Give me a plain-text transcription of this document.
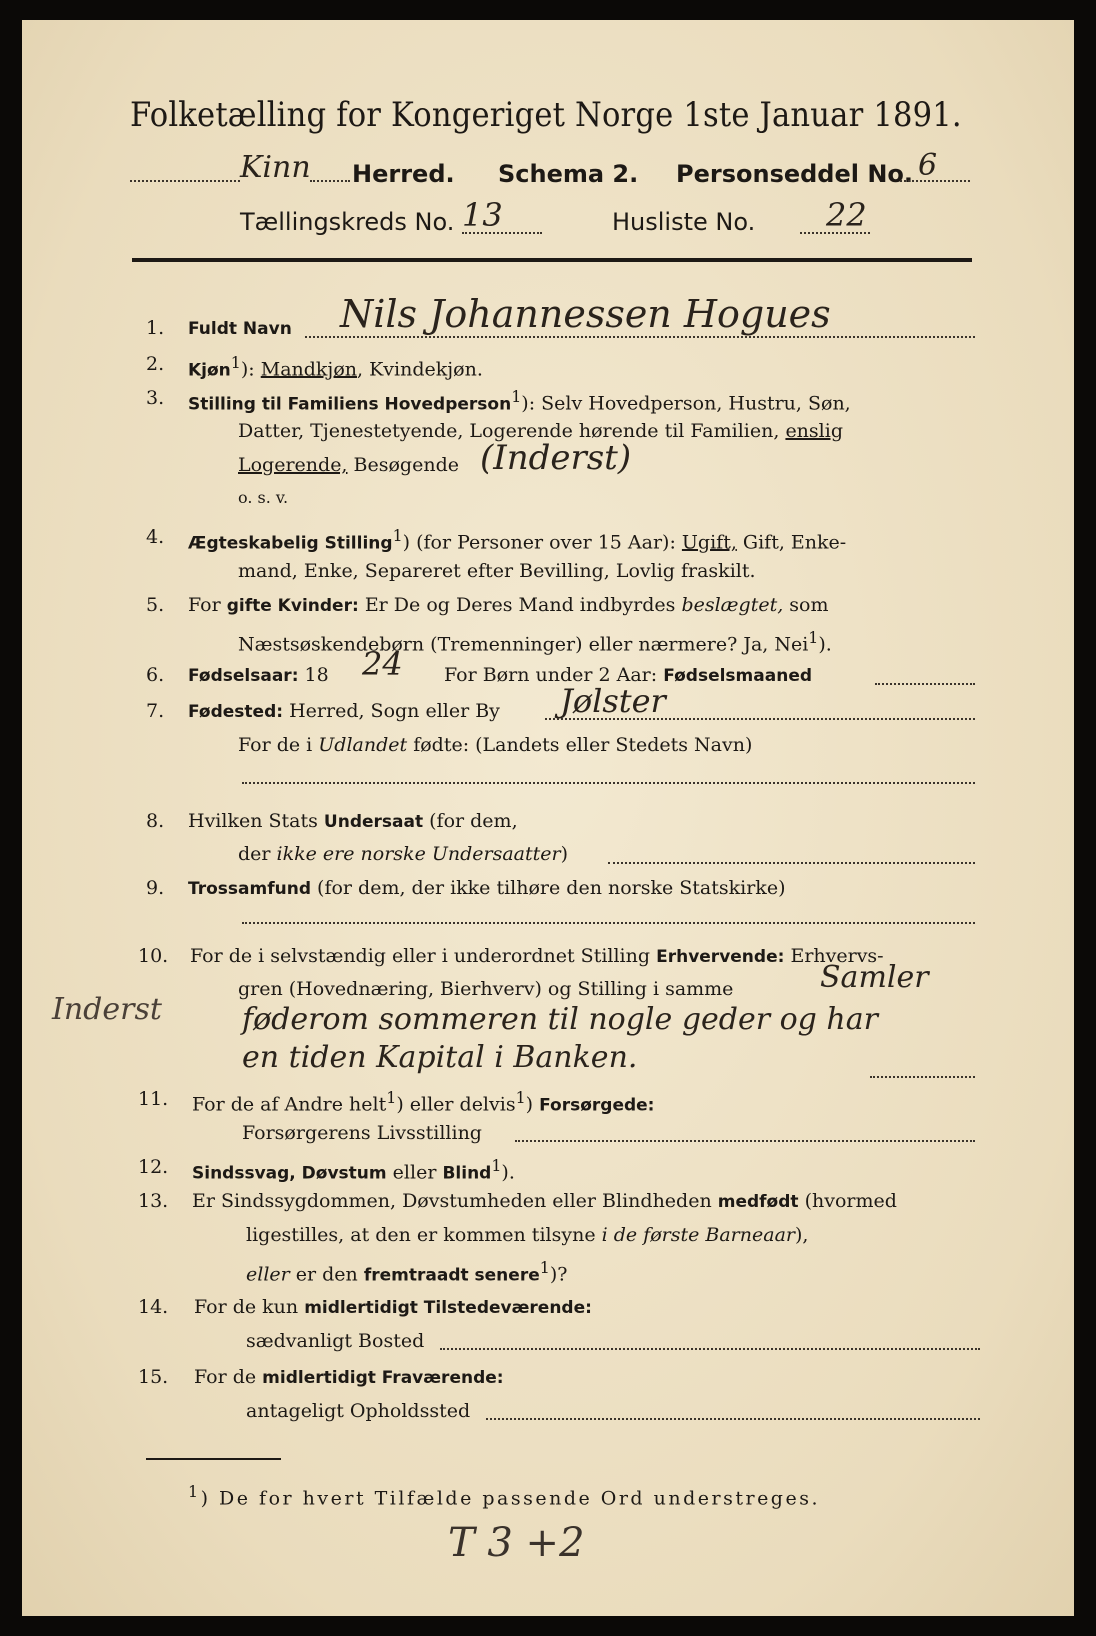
Folketælling for Kongeriget Norge 1ste Januar 1891.
Kinn Herred. Schema 2. Personseddel No. 6
Tællingskreds No. 13	Husliste No. 22
1. Fuldt Navn Nils Johannessen Hogues
2. Kjøn$^1$): Mandkjøn, Kvindekjøn.
3. Stilling til Familiens Hovedperson$^1$): Selv Hovedperson, Hustru, Søn,
Datter, Tjenestetyende, Logerende hørende til Familien, enslig
Logerende, Besøgende (Inderst)
o. s. v.
4. Ægteskabelig Stilling$^1$) (for Personer over 15 Aar): Ugift, Gift, Enke-
mand, Enke, Separeret efter Bevilling, Lovlig fraskilt.
5. For gifte Kvinder: Er De og Deres Mand indbyrdes beslægtet, som
Næstsøskendebørn (Tremenninger) eller nærmere? Ja, Nei$^1$).
6. Fødselsaar: 18 24 For Børn under 2 Aar: Fødselsmaaned
7. Fødested: Herred, Sogn eller By Jølster
For de i Udlandet fødte: (Landets eller Stedets Navn)
8. Hvilken Stats Undersaat (for dem,
der ikke ere norske Undersaatter)
9. Trossamfund (for dem, der ikke tilhøre den norske Statskirke)
10. For de i selvstændig eller i underordnet Stilling Erhvervende: Erhvervs-
gren (Hovednæring, Bierhverv) og Stilling i samme	Samler
føderom sommeren til nogle geder og har
en tiden Kapital i Banken.
Inderst
11. For de af Andre helt$^1$) eller delvis$^1$) Forsørgede:
Forsørgerens Livsstilling
12. Sindssvag, Døvstum eller Blind$^1$).
13. Er Sindssygdommen, Døvstumheden eller Blindheden medfødt (hvormed
ligestilles, at den er kommen tilsyne i de første Barneaar),
eller er den fremtraadt senere$^1$)?
14. For de kun midlertidigt Tilstedeværende:
sædvanligt Bosted
15. For de midlertidigt Fraværende:
antageligt Opholdssted
$^1$) De for hvert Tilfælde passende Ord understreges.
T 3 +2
